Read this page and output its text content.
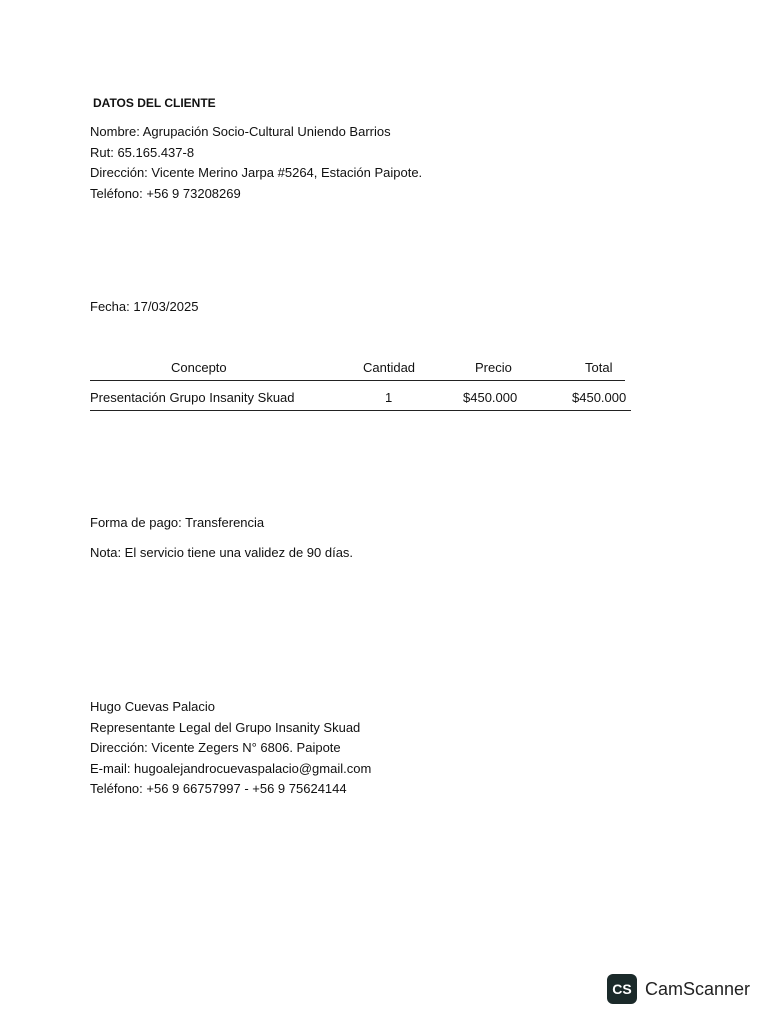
DATOS DEL CLIENTE
Nombre: Agrupación Socio-Cultural Uniendo Barrios
Rut: 65.165.437-8
Dirección: Vicente Merino Jarpa #5264, Estación Paipote.
Teléfono: +56 9 73208269
Fecha: 17/03/2025
Concepto	Cantidad	Precio	Total
Presentación Grupo Insanity Skuad	1	$450.000	$450.000
Forma de pago: Transferencia
Nota: El servicio tiene una validez de 90 días.
Hugo Cuevas Palacio
Representante Legal del Grupo Insanity Skuad
Dirección: Vicente Zegers N° 6806. Paipote
E-mail: hugoalejandrocuevaspalacio@gmail.com
Teléfono: +56 9 66757997 - +56 9 75624144
CS CamScanner
